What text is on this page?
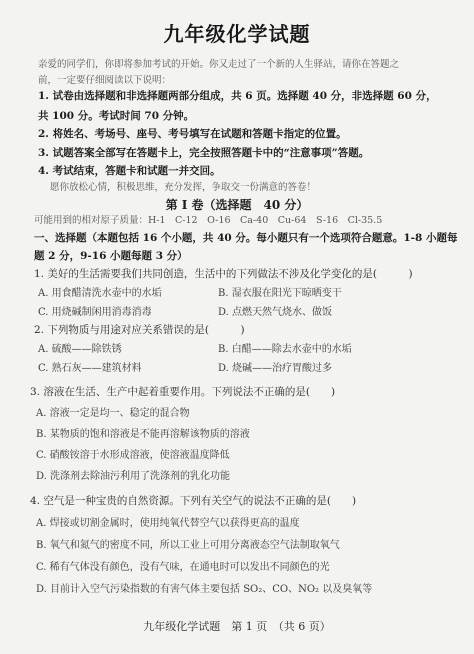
九年级化学试题
亲爱的同学们，你即将参加考试的开始。你又走过了一个新的人生驿站，请你在答题之
前，一定要仔细阅读以下说明：
1. 试卷由选择题和非选择题两部分组成，共 6 页。选择题 40 分，非选择题 60 分，
共 100 分。考试时间 70 分钟。
2. 将姓名、考场号、座号、考号填写在试题和答题卡指定的位置。
3. 试题答案全部写在答题卡上，完全按照答题卡中的“注意事项”答题。
4. 考试结束，答题卡和试题一并交回。
愿你放松心情，积极思维，充分发挥，争取交一份满意的答卷！
第 I 卷（选择题　40 分）
可能用到的相对原子质量：H-1　C-12　O-16　Ca-40　Cu-64　S-16　Cl-35.5
一、选择题（本题包括 16 个小题，共 40 分。每小题只有一个选项符合题意。1-8 小题每
题 2 分，9-16 小题每题 3 分）
1. 美好的生活需要我们共同创造，生活中的下列做法不涉及化学变化的是(　　　)
A. 用食醋清洗水壶中的水垢	B. 湿衣服在阳光下晾晒变干
C. 用烧碱制闲用消毒消毒	D. 点燃天然气烧水、做饭
2. 下列物质与用途对应关系错误的是(　　　)
A. 硫酸——除铁锈	B. 白醋——除去水壶中的水垢
C. 熟石灰——建筑材料	D. 烧碱——治疗胃酸过多
3. 溶液在生活、生产中起着重要作用。下列说法不正确的是(　　)
A. 溶液一定是均一、稳定的混合物
B. 某物质的饱和溶液是不能再溶解该物质的溶液
C. 硝酸铵溶于水形成溶液，使溶液温度降低
D. 洗涤剂去除油污利用了洗涤剂的乳化功能
4. 空气是一种宝贵的自然资源。下列有关空气的说法不正确的是(　　)
A. 焊接或切割金属时，使用纯氧代替空气以获得更高的温度
B. 氧气和氮气的密度不同，所以工业上可用分离液态空气法制取氧气
C. 稀有气体没有颜色，没有气味，在通电时可以发出不同颜色的光
D. 目前计入空气污染指数的有害气体主要包括 SO₂、CO、NO₂ 以及臭氧等
九年级化学试题　第 1 页　（共 6 页）
